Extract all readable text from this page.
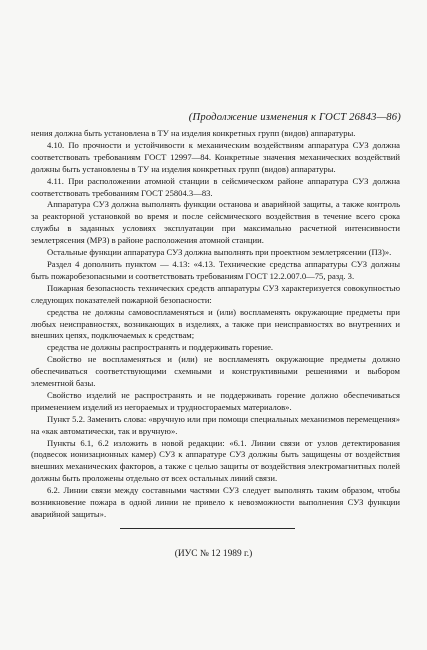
(Продолжение изменения к ГОСТ 26843—86)

нения должна быть установлена в ТУ на изделия конкретных групп (видов) аппаратуры.

4.10. По прочности и устойчивости к механическим воздействиям аппаратура СУЗ должна соответствовать требованиям ГОСТ 12997—84. Конкретные значения механических воздействий должны быть установлены в ТУ на изделия конкретных групп (видов) аппаратуры.

4.11. При расположении атомной станции в сейсмическом районе аппаратура СУЗ должна соответствовать требованиям ГОСТ 25804.3—83.

Аппаратура СУЗ должна выполнять функции останова и аварийной защиты, а также контроль за реакторной установкой во время и после сейсмического воздействия в течение всего срока службы в заданных условиях эксплуатации при максимально расчетной интенсивности землетрясения (МРЗ) в районе расположения атомной станции.

Остальные функции аппаратура СУЗ должна выполнять при проектном землетрясении (ПЗ)».

Раздел 4 дополнить пунктом — 4.13: «4.13. Технические средства аппаратуры СУЗ должны быть пожаробезопасными и соответствовать требованиям ГОСТ 12.2.007.0—75, разд. 3.

Пожарная безопасность технических средств аппаратуры СУЗ характеризуется совокупностью следующих показателей пожарной безопасности:

средства не должны самовоспламеняться и (или) воспламенять окружающие предметы при любых неисправностях, возникающих в изделиях, а также при неисправностях во внутренних и внешних цепях, подключаемых к средствам;

средства не должны распространять и поддерживать горение.

Свойство не воспламеняться и (или) не воспламенять окружающие предметы должно обеспечиваться соответствующими схемными и конструктивными решениями и выбором элементной базы.

Свойство изделий не распространять и не поддерживать горение должно обеспечиваться применением изделий из негораемых и трудносгораемых материалов».

Пункт 5.2. Заменить слова: «вручную или при помощи специальных механизмов перемещения» на «как автоматически, так и вручную».

Пункты 6.1, 6.2 изложить в новой редакции: «6.1. Линии связи от узлов детектирования (подвесок ионизационных камер) СУЗ к аппаратуре СУЗ должны быть защищены от воздействия внешних механических факторов, а также с целью защиты от воздействия электромагнитных полей должны быть проложены отдельно от всех остальных линий связи.

6.2. Линии связи между составными частями СУЗ следует выполнять таким образом, чтобы возникновение пожара в одной линии не привело к невозможности выполнения СУЗ функции аварийной защиты».

(ИУС № 12 1989 г.)
